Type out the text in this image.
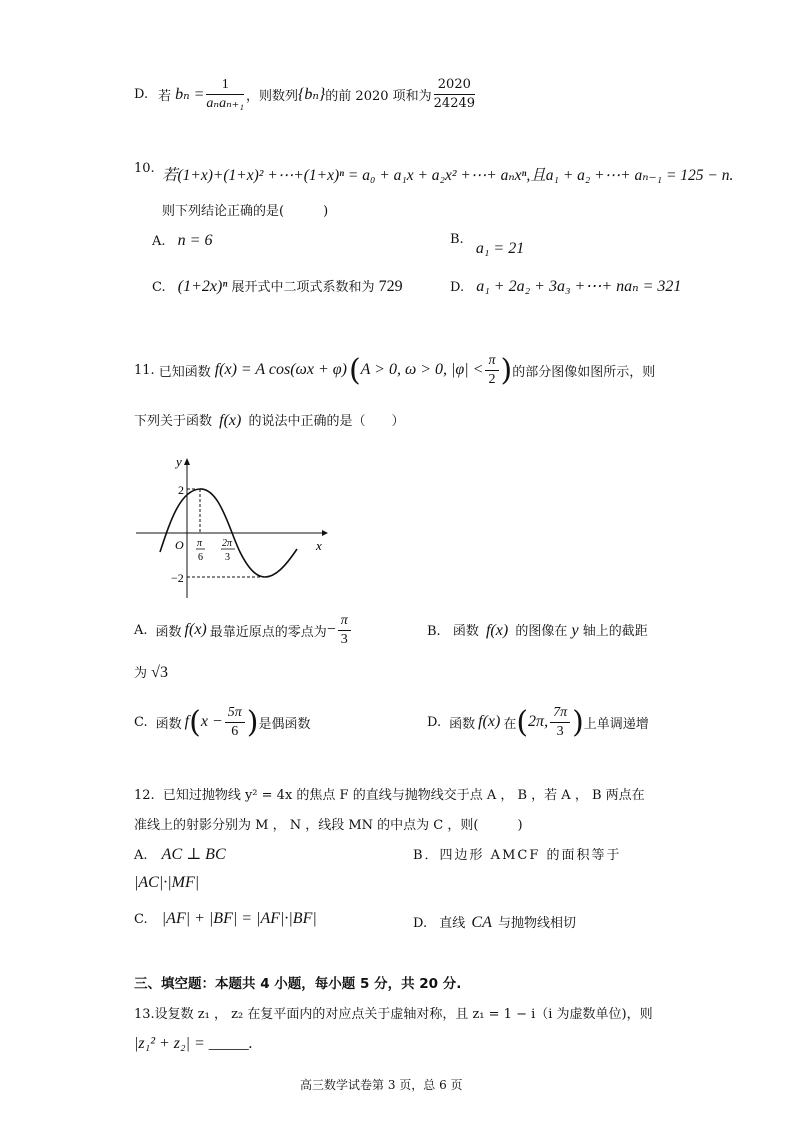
D. 若 $b_n = \frac{1}{\text{aₙaₙ₊₁}}$ ，则数列 {bₙ} 的前 2020 项和为 $\frac{2020}{24249}$
10. 若(1+x)+(1+x)² +⋯+(1+x)ⁿ = a₀ + a₁x + a₂x² +⋯+ aₙxⁿ,且a₁ + a₂ +⋯+ aₙ₋₁ = 125 − n.
则下列结论正确的是(　　　)
A. n = 6	B. a₁ = 21
C. (1+2x)ⁿ 展开式中二项式系数和为 729	D. a₁ + 2a₂ + 3a₃ +⋯+ naₙ = 321
11. 已知函数 f(x) = A cos(ωx + φ) ( A > 0, ω > 0, $|\varphi| < \frac{\pi}{2}$ ) 的部分图像如图所示，则
下列关于函数 f(x) 的说法中正确的是（　　）
y
x
O
2
−2
π
6
2π
3
A. 函数 f(x) 最靠近原点的零点为 − $\frac{\pi}{3}$	B. 函数 f(x) 的图像在 y 轴上的截距
为 √3
C. 函数 f ( $x - \frac{5\pi}{6}$ ) 是偶函数	D. 函数 f(x) 在 ( 2π, $\frac{7\pi}{3}$ ) 上单调递增
12. 已知过抛物线 y² = 4x 的焦点 F 的直线与抛物线交于点 A ， B ，若 A ， B 两点在
准线上的射影分别为 M ， N ，线段 MN 的中点为 C ，则(　　　)
A. AC ⊥ BC	B．四边形 AMCF 的面积等于
|AC|·|MF|
C. |AF| + |BF| = |AF|·|BF|	D. 直线 CA 与抛物线相切
三、填空题：本题共 4 小题，每小题 5 分，共 20 分.
13.设复数 z₁ ， z₂ 在复平面内的对应点关于虚轴对称，且 z₁ = 1 − i（i 为虚数单位)，则
|z₁² + z₂| = _____.
高三数学试卷第 3 页，总 6 页
